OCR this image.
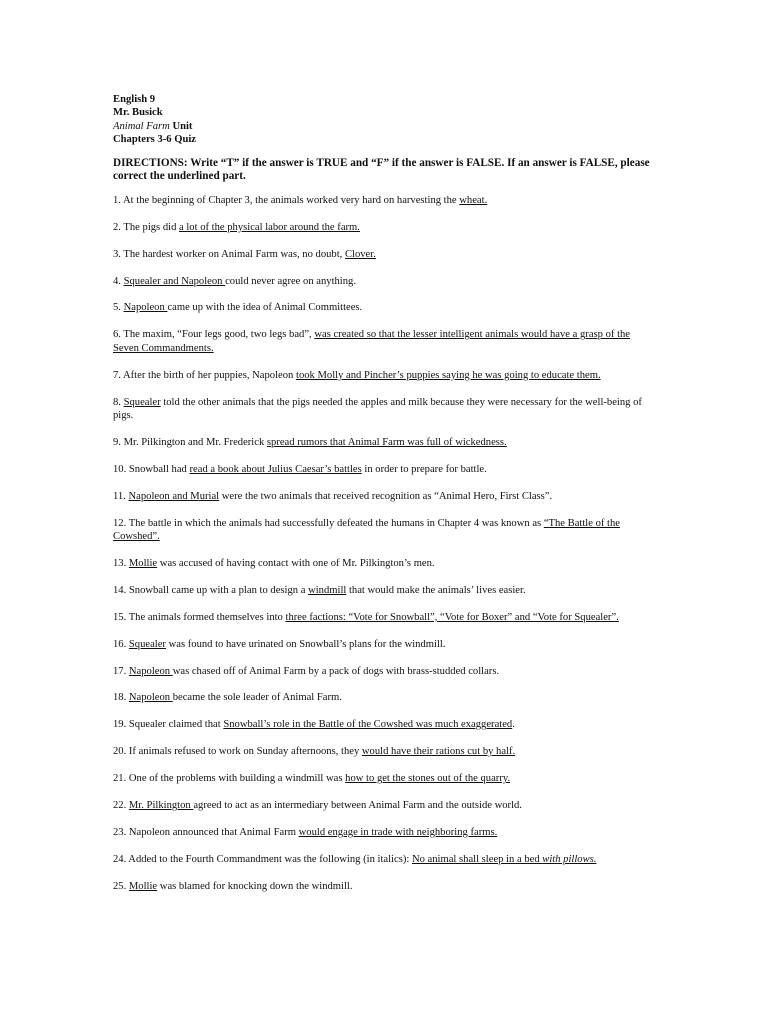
English 9
Mr. Busick
Animal Farm Unit
Chapters 3-6 Quiz
DIRECTIONS: Write “T” if the answer is TRUE and “F” if the answer is FALSE. If an answer is FALSE, please correct the underlined part.
1. At the beginning of Chapter 3, the animals worked very hard on harvesting the wheat.
2. The pigs did a lot of the physical labor around the farm.
3. The hardest worker on Animal Farm was, no doubt, Clover.
4. Squealer and Napoleon could never agree on anything.
5. Napoleon came up with the idea of Animal Committees.
6. The maxim, “Four legs good, two legs bad”, was created so that the lesser intelligent animals would have a grasp of the Seven Commandments.
7. After the birth of her puppies, Napoleon took Molly and Pincher’s puppies saying he was going to educate them.
8. Squealer told the other animals that the pigs needed the apples and milk because they were necessary for the well-being of pigs.
9. Mr. Pilkington and Mr. Frederick spread rumors that Animal Farm was full of wickedness.
10. Snowball had read a book about Julius Caesar’s battles in order to prepare for battle.
11. Napoleon and Murial were the two animals that received recognition as “Animal Hero, First Class”.
12. The battle in which the animals had successfully defeated the humans in Chapter 4 was known as “The Battle of the Cowshed”.
13. Mollie was accused of having contact with one of Mr. Pilkington’s men.
14. Snowball came up with a plan to design a windmill that would make the animals’ lives easier.
15. The animals formed themselves into three factions: “Vote for Snowball”, “Vote for Boxer” and “Vote for Squealer”.
16. Squealer was found to have urinated on Snowball’s plans for the windmill.
17. Napoleon was chased off of Animal Farm by a pack of dogs with brass-studded collars.
18. Napoleon became the sole leader of Animal Farm.
19. Squealer claimed that Snowball’s role in the Battle of the Cowshed was much exaggerated.
20. If animals refused to work on Sunday afternoons, they would have their rations cut by half.
21. One of the problems with building a windmill was how to get the stones out of the quarry.
22. Mr. Pilkington agreed to act as an intermediary between Animal Farm and the outside world.
23. Napoleon announced that Animal Farm would engage in trade with neighboring farms.
24. Added to the Fourth Commandment was the following (in italics): No animal shall sleep in a bed with pillows.
25. Mollie was blamed for knocking down the windmill.
